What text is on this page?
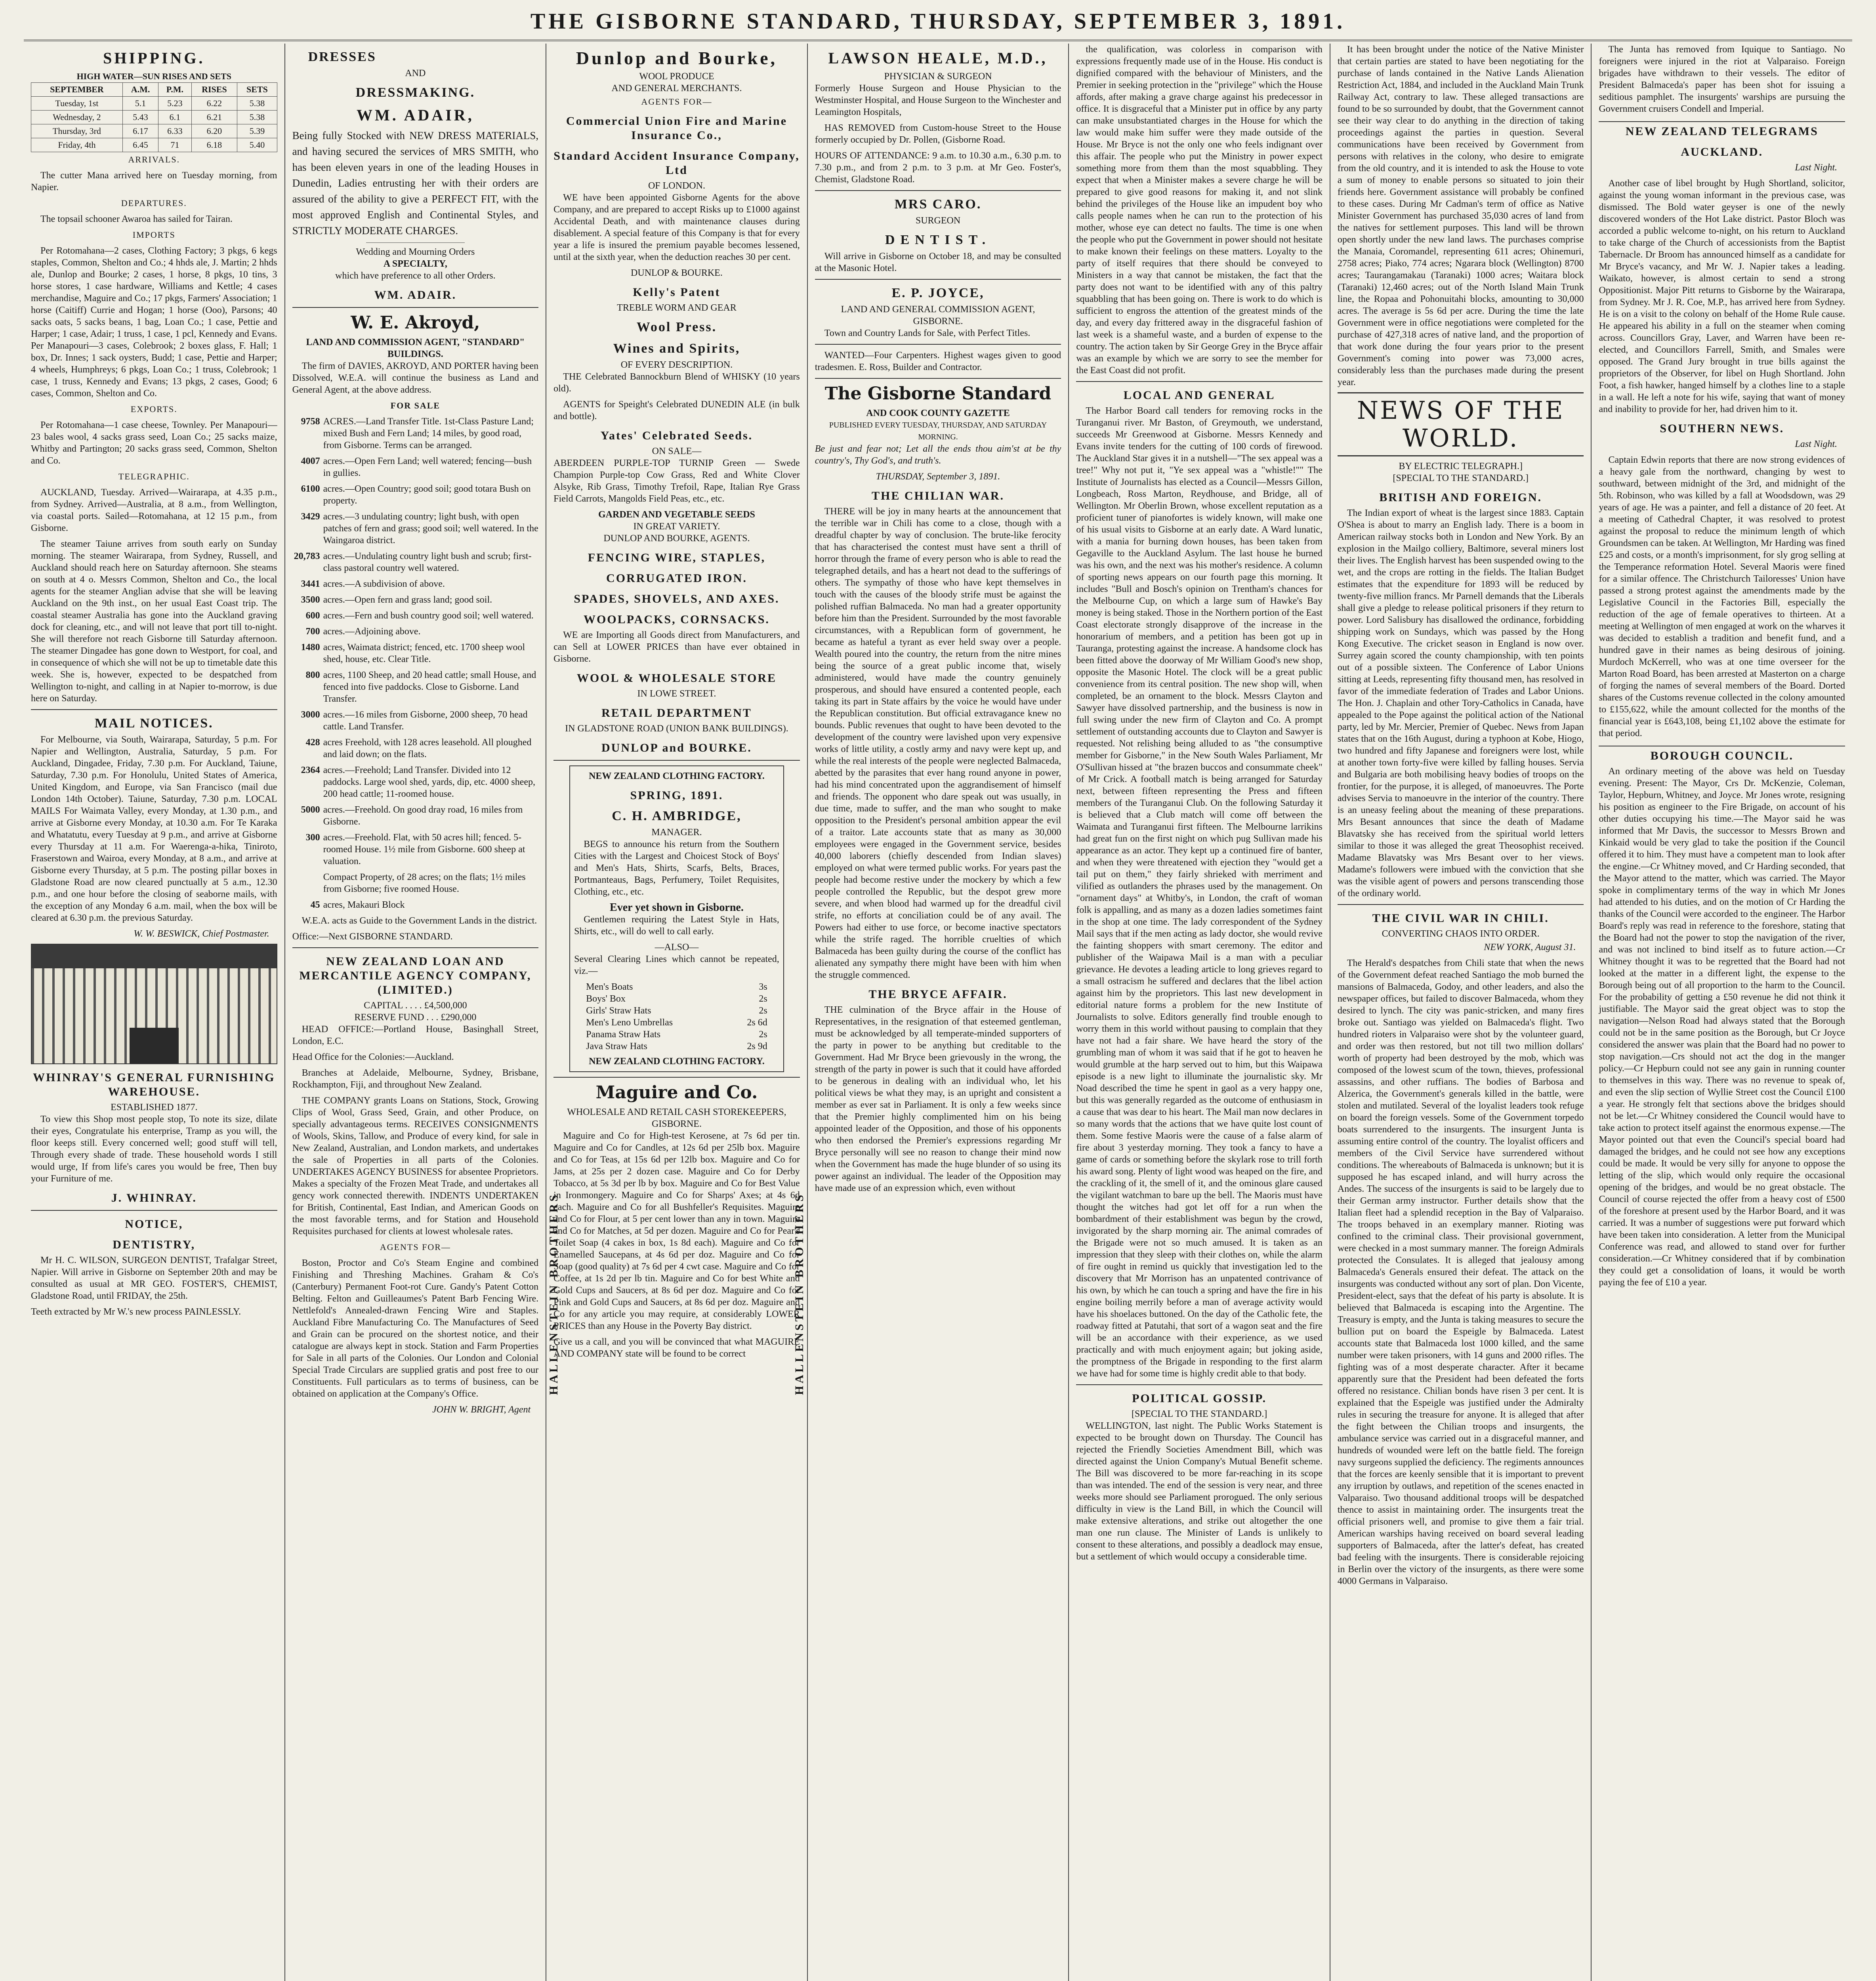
THE GISBORNE STANDARD, THURSDAY, SEPTEMBER 3, 1891.
SHIPPING.
HIGH WATER—SUN RISES AND SETS
SEPTEMBER	A.M.	P.M.	RISES	SETS
Tuesday, 1st	5.1	5.23	6.22	5.38
Wednesday, 2	5.43	6.1	6.21	5.38
Thursday, 3rd	6.17	6.33	6.20	5.39
Friday, 4th	6.45	71	6.18	5.40
ARRIVALS.

The cutter Mana arrived here on Tuesday morning, from Napier.

DEPARTURES.

The topsail schooner Awaroa has sailed for Tairan.

IMPORTS

Per Rotomahana—2 cases, Clothing Factory; 3 pkgs, 6 kegs staples, Common, Shelton and Co.; 4 hhds ale, J. Martin; 2 hhds ale, Dunlop and Bourke; 2 cases, 1 horse, 8 pkgs, 10 tins, 3 horse stores, 1 case hardware, Williams and Kettle; 4 cases merchandise, Maguire and Co.; 17 pkgs, Farmers' Association; 1 horse (Caitiff) Currie and Hogan; 1 horse (Ooo), Parsons; 40 sacks oats, 5 sacks beans, 1 bag, Loan Co.; 1 case, Pettie and Harper; 1 case, Adair; 1 truss, 1 case, 1 pcl, Kennedy and Evans. Per Manapouri—3 cases, Colebrook; 2 boxes glass, F. Hall; 1 box, Dr. Innes; 1 sack oysters, Budd; 1 case, Pettie and Harper; 4 wheels, Humphreys; 6 pkgs, Loan Co.; 1 truss, Colebrook; 1 case, 1 truss, Kennedy and Evans; 13 pkgs, 2 cases, Good; 6 cases, Common, Shelton and Co.

EXPORTS.

Per Rotomahana—1 case cheese, Townley. Per Manapouri—23 bales wool, 4 sacks grass seed, Loan Co.; 25 sacks maize, Whitby and Partington; 20 sacks grass seed, Common, Shelton and Co.

TELEGRAPHIC.

AUCKLAND, Tuesday. Arrived—Wairarapa, at 4.35 p.m., from Sydney. Arrived—Australia, at 8 a.m., from Wellington, via coastal ports. Sailed—Rotomahana, at 12 15 p.m., from Gisborne.

The steamer Taiune arrives from south early on Sunday morning. The steamer Wairarapa, from Sydney, Russell, and Auckland should reach here on Saturday afternoon. She steams on south at 4 o. Messrs Common, Shelton and Co., the local agents for the steamer Anglian advise that she will be leaving Auckland on the 9th inst., on her usual East Coast trip. The coastal steamer Australia has gone into the Auckland graving dock for cleaning, etc., and will not leave that port till to-night. She will therefore not reach Gisborne till Saturday afternoon. The steamer Dingadee has gone down to Westport, for coal, and in consequence of which she will not be up to timetable date this week. She is, however, expected to be despatched from Wellington to-night, and calling in at Napier to-morrow, is due here on Saturday.

MAIL NOTICES.

For Melbourne, via South, Wairarapa, Saturday, 5 p.m. For Napier and Wellington, Australia, Saturday, 5 p.m. For Auckland, Dingadee, Friday, 7.30 p.m. For Auckland, Taiune, Saturday, 7.30 p.m. For Honolulu, United States of America, United Kingdom, and Europe, via San Francisco (mail due London 14th October). Taiune, Saturday, 7.30 p.m. LOCAL MAILS For Waimata Valley, every Monday, at 1.30 p.m., and arrive at Gisborne every Monday, at 10.30 a.m. For Te Karaka and Whatatutu, every Tuesday at 9 p.m., and arrive at Gisborne every Thursday at 11 a.m. For Waerenga-a-hika, Tiniroto, Fraserstown and Wairoa, every Monday, at 8 a.m., and arrive at Gisborne every Thursday, at 5 p.m. The posting pillar boxes in Gladstone Road are now cleared punctually at 5 a.m., 12.30 p.m., and one hour before the closing of seaborne mails, with the exception of any Monday 6 a.m. mail, when the box will be cleared at 6.30 p.m. the previous Saturday.

W. W. BESWICK, Chief Postmaster.
WHINRAY'S GENERAL FURNISHING WAREHOUSE.
ESTABLISHED 1877.

To view this Shop most people stop, To note its size, dilate their eyes, Congratulate his enterprise, Tramp as you will, the floor keeps still. Every concerned well; good stuff will tell, Through every shade of trade. These household words I still would urge, If from life's cares you would be free, Then buy your Furniture of me.

J. WHINRAY.
NOTICE,
DENTISTRY,

Mr H. C. WILSON, SURGEON DENTIST, Trafalgar Street, Napier. Will arrive in Gisborne on September 20th and may be consulted as usual at MR GEO. FOSTER'S, CHEMIST, Gladstone Road, until FRIDAY, the 25th.

Teeth extracted by Mr W.'s new process PAINLESSLY.

DRESSES
AND
DRESSMAKING.
WM. ADAIR,

Being fully Stocked with NEW DRESS MATERIALS, and having secured the services of MRS SMITH, who has been eleven years in one of the leading Houses in Dunedin, Ladies entrusting her with their orders are assured of the ability to give a PERFECT FIT, with the most approved English and Continental Styles, and STRICTLY MODERATE CHARGES.

Wedding and Mourning Orders
A SPECIALTY,
which have preference to all other Orders.
WM. ADAIR.
W. E. Akroyd,
LAND AND COMMISSION AGENT, "STANDARD" BUILDINGS.

The firm of DAVIES, AKROYD, AND PORTER having been Dissolved, W.E.A. will continue the business as Land and General Agent, at the above address.

FOR SALE
9758 ACRES.—Land Transfer Title. 1st-Class Pasture Land; mixed Bush and Fern Land; 14 miles, by good road, from Gisborne. Terms can be arranged.
4007 acres.—Open Fern Land; well watered; fencing—bush in gullies.
6100 acres.—Open Country; good soil; good totara Bush on property.
3429 acres.—3 undulating country; light bush, with open patches of fern and grass; good soil; well watered. In the Waingaroa district.
20,783 acres.—Undulating country light bush and scrub; first-class pastoral country well watered.
3441 acres.—A subdivision of above.
3500 acres.—Open fern and grass land; good soil.
600 acres.—Fern and bush country good soil; well watered.
700 acres.—Adjoining above.
1480 acres, Waimata district; fenced, etc. 1700 sheep wool shed, house, etc. Clear Title.
800 acres, 1100 Sheep, and 20 head cattle; small House, and fenced into five paddocks. Close to Gisborne. Land Transfer.
3000 acres.—16 miles from Gisborne, 2000 sheep, 70 head cattle. Land Transfer.
428 acres Freehold, with 128 acres leasehold. All ploughed and laid down; on the flats.
2364 acres.—Freehold; Land Transfer. Divided into 12 paddocks. Large wool shed, yards, dip, etc. 4000 sheep, 200 head cattle; 11-roomed house.
5000 acres.—Freehold. On good dray road, 16 miles from Gisborne.
300 acres.—Freehold. Flat, with 50 acres hill; fenced. 5-roomed House. 1½ mile from Gisborne. 600 sheep at valuation.
Compact Property, of 28 acres; on the flats; 1½ miles from Gisborne; five roomed House.
45 acres, Makauri Block

W.E.A. acts as Guide to the Government Lands in the district.

Office:—Next GISBORNE STANDARD.

NEW ZEALAND LOAN AND MERCANTILE AGENCY COMPANY, (LIMITED.)
CAPITAL . . . . £4,500,000
RESERVE FUND . . . £290,000

HEAD OFFICE:—Portland House, Basinghall Street, London, E.C.

Head Office for the Colonies:—Auckland.

Branches at Adelaide, Melbourne, Sydney, Brisbane, Rockhampton, Fiji, and throughout New Zealand.

THE COMPANY grants Loans on Stations, Stock, Growing Clips of Wool, Grass Seed, Grain, and other Produce, on specially advantageous terms. RECEIVES CONSIGNMENTS of Wools, Skins, Tallow, and Produce of every kind, for sale in New Zealand, Australian, and London markets, and undertakes the sale of Properties in all parts of the Colonies. UNDERTAKES AGENCY BUSINESS for absentee Proprietors. Makes a specialty of the Frozen Meat Trade, and undertakes all gency work connected therewith. INDENTS UNDERTAKEN for British, Continental, East Indian, and American Goods on the most favorable terms, and for Station and Household Requisites purchased for clients at lowest wholesale rates.

AGENTS FOR—

Boston, Proctor and Co's Steam Engine and combined Finishing and Threshing Machines. Graham & Co's (Canterbury) Permanent Foot-rot Cure. Gandy's Patent Cotton Belting. Felton and Guilleaumes's Patent Barb Fencing Wire. Nettlefold's Annealed-drawn Fencing Wire and Staples. Auckland Fibre Manufacturing Co. The Manufactures of Seed and Grain can be procured on the shortest notice, and their catalogue are always kept in stock. Station and Farm Properties for Sale in all parts of the Colonies. Our London and Colonial Special Trade Circulars are supplied gratis and post free to our Constituents. Full particulars as to terms of business, can be obtained on application at the Company's Office.

JOHN W. BRIGHT, Agent
Dunlop and Bourke,
WOOL PRODUCE
AND GENERAL MERCHANTS.
AGENTS FOR—
Commercial Union Fire and Marine Insurance Co.,
Standard Accident Insurance Company, Ltd
OF LONDON.

WE have been appointed Gisborne Agents for the above Company, and are prepared to accept Risks up to £1000 against Accidental Death, and with maintenance clauses during disablement. A special feature of this Company is that for every year a life is insured the premium payable becomes lessened, until at the sixth year, when the deduction reaches 30 per cent.

DUNLOP & BOURKE.
Kelly's Patent
TREBLE WORM AND GEAR
Wool Press.
Wines and Spirits,
OF EVERY DESCRIPTION.

THE Celebrated Bannockburn Blend of WHISKY (10 years old).

AGENTS for Speight's Celebrated DUNEDIN ALE (in bulk and bottle).

Yates' Celebrated Seeds.
ON SALE—

ABERDEEN PURPLE-TOP TURNIP Green — Swede Champion Purple-top Cow Grass, Red and White Clover Alsyke, Rib Grass, Timothy Trefoil, Rape, Italian Rye Grass Field Carrots, Mangolds Field Peas, etc., etc.

GARDEN AND VEGETABLE SEEDS
IN GREAT VARIETY.
DUNLOP AND BOURKE, AGENTS.
FENCING WIRE, STAPLES,
CORRUGATED IRON.
SPADES, SHOVELS, AND AXES.
WOOLPACKS, CORNSACKS.

WE are Importing all Goods direct from Manufacturers, and can Sell at LOWER PRICES than have ever obtained in Gisborne.

WOOL & WHOLESALE STORE
IN LOWE STREET.
RETAIL DEPARTMENT
IN GLADSTONE ROAD (UNION BANK BUILDINGS).
DUNLOP and BOURKE.
NEW ZEALAND CLOTHING FACTORY.
SPRING, 1891.
C. H. AMBRIDGE,
MANAGER.

BEGS to announce his return from the Southern Cities with the Largest and Choicest Stock of Boys' and Men's Hats, Shirts, Scarfs, Belts, Braces, Portmanteaus, Bags, Perfumery, Toilet Requisites, Clothing, etc., etc.

Ever yet shown in Gisborne.

Gentlemen requiring the Latest Style in Hats, Shirts, etc., will do well to call early.

—ALSO—

Several Clearing Lines which cannot be repeated, viz.—

Men's Boats	3s
Boys' Box	2s
Girls' Straw Hats	2s
Men's Leno Umbrellas	2s 6d
Panama Straw Hats	2s
Java Straw Hats	2s 9d
NEW ZEALAND CLOTHING FACTORY.
HALLENSTEIN BROTHERS	HALLENSTEIN BROTHERS
Maguire and Co.
WHOLESALE AND RETAIL CASH STOREKEEPERS,
GISBORNE.

Maguire and Co for High-test Kerosene, at 7s 6d per tin. Maguire and Co for Candles, at 12s 6d per 25lb box. Maguire and Co for Teas, at 15s 6d per 12lb box. Maguire and Co for Jams, at 25s per 2 dozen case. Maguire and Co for Derby Tobacco, at 5s 3d per lb by box. Maguire and Co for Best Value in Ironmongery. Maguire and Co for Sharps' Axes; at 4s 6d each. Maguire and Co for all Bushfeller's Requisites. Maguire and Co for Flour, at 5 per cent lower than any in town. Maguire and Co for Matches, at 5d per dozen. Maguire and Co for Pear's Toilet Soap (4 cakes in box, 1s 8d each). Maguire and Co for Enamelled Saucepans, at 4s 6d per doz. Maguire and Co for Soap (good quality) at 7s 6d per 4 cwt case. Maguire and Co for Coffee, at 1s 2d per lb tin. Maguire and Co for best White and Gold Cups and Saucers, at 8s 6d per doz. Maguire and Co for Pink and Gold Cups and Saucers, at 8s 6d per doz. Maguire and Co for any article you may require, at considerably LOWER PRICES than any House in the Poverty Bay district.

Give us a call, and you will be convinced that what MAGUIRE AND COMPANY state will be found to be correct

LAWSON HEALE, M.D.,
PHYSICIAN & SURGEON

Formerly House Surgeon and House Physician to the Westminster Hospital, and House Surgeon to the Winchester and Leamington Hospitals,

HAS REMOVED from Custom-house Street to the House formerly occupied by Dr. Pollen, (Gisborne Road.

HOURS OF ATTENDANCE: 9 a.m. to 10.30 a.m., 6.30 p.m. to 7.30 p.m., and from 2 p.m. to 3 p.m. at Mr Geo. Foster's, Chemist, Gladstone Road.

MRS CARO.
SURGEON
DENTIST.

Will arrive in Gisborne on October 18, and may be consulted at the Masonic Hotel.

E. P. JOYCE,
LAND AND GENERAL COMMISSION AGENT,
GISBORNE.

Town and Country Lands for Sale, with Perfect Titles.

WANTED—Four Carpenters. Highest wages given to good tradesmen. E. Ross, Builder and Contractor.

The Gisborne Standard
AND COOK COUNTY GAZETTE
PUBLISHED EVERY TUESDAY, THURSDAY, AND SATURDAY MORNING.

Be just and fear not; Let all the ends thou aim'st at be thy country's, Thy God's, and truth's.

THURSDAY, September 3, 1891.
THE CHILIAN WAR.

THERE will be joy in many hearts at the announcement that the terrible war in Chili has come to a close, though with a dreadful chapter by way of conclusion. The brute-like ferocity that has characterised the contest must have sent a thrill of horror through the frame of every person who is able to read the telegraphed details, and has a heart not dead to the sufferings of others. The sympathy of those who have kept themselves in touch with the causes of the bloody strife must be against the polished ruffian Balmaceda. No man had a greater opportunity before him than the President. Surrounded by the most favorable circumstances, with a Republican form of government, he became as hateful a tyrant as ever held sway over a people. Wealth poured into the country, the return from the nitre mines being the source of a great public income that, wisely administered, would have made the country genuinely prosperous, and should have ensured a contented people, each taking its part in State affairs by the voice he would have under the Republican constitution. But official extravagance knew no bounds. Public revenues that ought to have been devoted to the development of the country were lavished upon very expensive works of little utility, a costly army and navy were kept up, and while the real interests of the people were neglected Balmaceda, abetted by the parasites that ever hang round anyone in power, had his mind concentrated upon the aggrandisement of himself and friends. The opponent who dare speak out was usually, in due time, made to suffer, and the man who sought to make opposition to the President's personal ambition appear the evil of a traitor. Late accounts state that as many as 30,000 employees were engaged in the Government service, besides 40,000 laborers (chiefly descended from Indian slaves) employed on what were termed public works. For years past the people had become restive under the mockery by which a few people controlled the Republic, but the despot grew more severe, and when blood had warmed up for the dreadful civil strife, no efforts at conciliation could be of any avail. The Powers had either to use force, or become inactive spectators while the strife raged. The horrible cruelties of which Balmaceda has been guilty during the course of the conflict has alienated any sympathy there might have been with him when the struggle commenced.

THE BRYCE AFFAIR.

THE culmination of the Bryce affair in the House of Representatives, in the resignation of that esteemed gentleman, must be acknowledged by all temperate-minded supporters of the party in power to be anything but creditable to the Government. Had Mr Bryce been grievously in the wrong, the strength of the party in power is such that it could have afforded to be generous in dealing with an individual who, let his political views be what they may, is an upright and consistent a member as ever sat in Parliament. It is only a few weeks since that the Premier highly complimented him on his being appointed leader of the Opposition, and those of his opponents who then endorsed the Premier's expressions regarding Mr Bryce personally will see no reason to change their mind now when the Government has made the huge blunder of so using its power against an individual. The leader of the Opposition may have made use of an expression which, even without

the qualification, was colorless in comparison with expressions frequently made use of in the House. His conduct is dignified compared with the behaviour of Ministers, and the Premier in seeking protection in the "privilege" which the House affords, after making a grave charge against his predecessor in office. It is disgraceful that a Minister put in office by any party can make unsubstantiated charges in the House for which the law would make him suffer were they made outside of the House. Mr Bryce is not the only one who feels indignant over this affair. The people who put the Ministry in power expect something more from them than the most squabbling. They expect that when a Minister makes a severe charge he will be prepared to give good reasons for making it, and not slink behind the privileges of the House like an impudent boy who calls people names when he can run to the protection of his mother, whose eye can detect no faults. The time is one when the people who put the Government in power should not hesitate to make known their feelings on these matters. Loyalty to the party of itself requires that there should be conveyed to Ministers in a way that cannot be mistaken, the fact that the party does not want to be identified with any of this paltry squabbling that has been going on. There is work to do which is sufficient to engross the attention of the greatest minds of the day, and every day frittered away in the disgraceful fashion of last week is a shameful waste, and a burden of expense to the country. The action taken by Sir George Grey in the Bryce affair was an example by which we are sorry to see the member for the East Coast did not profit.

LOCAL AND GENERAL

The Harbor Board call tenders for removing rocks in the Turanganui river. Mr Baston, of Greymouth, we understand, succeeds Mr Greenwood at Gisborne. Messrs Kennedy and Evans invite tenders for the cutting of 100 cords of firewood. The Auckland Star gives it in a nutshell—"The sex appeal was a tree!" Why not put it, "Ye sex appeal was a "whistle!"" The Institute of Journalists has elected as a Council—Messrs Gillon, Longbeach, Ross Marton, Reydhouse, and Bridge, all of Wellington. Mr Oberlin Brown, whose excellent reputation as a proficient tuner of pianofortes is widely known, will make one of his usual visits to Gisborne at an early date. A Ward lunatic, with a mania for burning down houses, has been taken from Gegaville to the Auckland Asylum. The last house he burned was his own, and the next was his mother's residence. A column of sporting news appears on our fourth page this morning. It includes "Bull and Bosch's opinion on Trentham's chances for the Melbourne Cup, on which a large sum of Hawke's Bay money is being staked. Those in the Northern portion of the East Coast electorate strongly disapprove of the increase in the honorarium of members, and a petition has been got up in Tauranga, protesting against the increase. A handsome clock has been fitted above the doorway of Mr William Good's new shop, opposite the Masonic Hotel. The clock will be a great public convenience from its central position. The new shop will, when completed, be an ornament to the block. Messrs Clayton and Sawyer have dissolved partnership, and the business is now in full swing under the new firm of Clayton and Co. A prompt settlement of outstanding accounts due to Clayton and Sawyer is requested. Not relishing being alluded to as "the consumptive member for Gisborne," in the New South Wales Parliament, Mr O'Sullivan hissed at "the brazen buccos and consummate cheek" of Mr Crick. A football match is being arranged for Saturday next, between fifteen representing the Press and fifteen members of the Turanganui Club. On the following Saturday it is believed that a Club match will come off between the Waimata and Turanganui first fifteen. The Melbourne larrikins had great fun on the first night on which pug Sullivan made his appearance as an actor. They kept up a continued fire of banter, and when they were threatened with ejection they "would get a tail put on them," they fairly shrieked with merriment and vilified as outlanders the phrases used by the management. On "ornament days" at Whitby's, in London, the craft of woman folk is appalling, and as many as a dozen ladies sometimes faint in the shop at one time. The lady correspondent of the Sydney Mail says that if the men acting as lady doctor, she would revive the fainting shoppers with smart ceremony. The editor and publisher of the Waipawa Mail is a man with a peculiar grievance. He devotes a leading article to long grieves regard to a small ostracism he suffered and declares that the libel action against him by the proprietors. This last new development in editorial nature forms a problem for the new Institute of Journalists to solve. Editors generally find trouble enough to worry them in this world without pausing to complain that they have not had a fair share. We have heard the story of the grumbling man of whom it was said that if he got to heaven he would grumble at the harp served out to him, but this Waipawa episode is a new light to illuminate the journalistic sky. Mr Noad described the time he spent in gaol as a very happy one, but this was generally regarded as the outcome of enthusiasm in a cause that was dear to his heart. The Mail man now declares in so many words that the actions that we have quite lost count of them. Some festive Maoris were the cause of a false alarm of fire about 3 yesterday morning. They took a fancy to have a game of cards or something before the skylark rose to trill forth his award song. Plenty of light wood was heaped on the fire, and the crackling of it, the smell of it, and the ominous glare caused the vigilant watchman to bare up the bell. The Maoris must have thought the witches had got let off for a run when the bombardment of their establishment was begun by the crowd, invigorated by the sharp morning air. The animal comrades of the Brigade were not so much amused. It is taken as an impression that they sleep with their clothes on, while the alarm of fire ought in remind us quickly that investigation led to the discovery that Mr Morrison has an unpatented contrivance of his own, by which he can touch a spring and have the fire in his engine boiling merrily before a man of average activity would have his shoelaces buttoned. On the day of the Catholic fete, the roadway fitted at Patutahi, that sort of a wagon seat and the fire will be an accordance with their experience, as we used practically and with much enjoyment again; but joking aside, the promptness of the Brigade in responding to the first alarm we have had for some time is highly credit able to that body.

POLITICAL GOSSIP.
[SPECIAL TO THE STANDARD.]

WELLINGTON, last night. The Public Works Statement is expected to be brought down on Thursday. The Council has rejected the Friendly Societies Amendment Bill, which was directed against the Union Company's Mutual Benefit scheme. The Bill was discovered to be more far-reaching in its scope than was intended. The end of the session is very near, and three weeks more should see Parliament prorogued. The only serious difficulty in view is the Land Bill, in which the Council will make extensive alterations, and strike out altogether the one man one run clause. The Minister of Lands is unlikely to consent to these alterations, and possibly a deadlock may ensue, but a settlement of which would occupy a considerable time.

It has been brought under the notice of the Native Minister that certain parties are stated to have been negotiating for the purchase of lands contained in the Native Lands Alienation Restriction Act, 1884, and included in the Auckland Main Trunk Railway Act, contrary to law. These alleged transactions are found to be so surrounded by doubt, that the Government cannot see their way clear to do anything in the direction of taking proceedings against the parties in question. Several communications have been received by Government from persons with relatives in the colony, who desire to emigrate from the old country, and it is intended to ask the House to vote a sum of money to enable persons so situated to join their friends here. Government assistance will probably be confined to these cases. During Mr Cadman's term of office as Native Minister Government has purchased 35,030 acres of land from the natives for settlement purposes. This land will be thrown open shortly under the new land laws. The purchases comprise the Manaia, Coromandel, representing 611 acres; Ohinemuri, 2758 acres; Piako, 774 acres; Ngarara block (Wellington) 8700 acres; Taurangamakau (Taranaki) 1000 acres; Waitara block (Taranaki) 12,460 acres; out of the North Island Main Trunk line, the Ropaa and Pohonuitahi blocks, amounting to 30,000 acres. The average is 5s 6d per acre. During the time the late Government were in office negotiations were completed for the purchase of 427,318 acres of native land, and the proportion of that work done during the four years prior to the present Government's coming into power was 73,000 acres, considerably less than the purchases made during the present year.

NEWS OF THE WORLD.
BY ELECTRIC TELEGRAPH.]
[SPECIAL TO THE STANDARD.]
BRITISH AND FOREIGN.

The Indian export of wheat is the largest since 1883. Captain O'Shea is about to marry an English lady. There is a boom in American railway stocks both in London and New York. By an explosion in the Mailgo colliery, Baltimore, several miners lost their lives. The English harvest has been suspended owing to the wet, and the crops are rotting in the fields. The Italian Budget estimates that the expenditure for 1893 will be reduced by twenty-five million francs. Mr Parnell demands that the Liberals shall give a pledge to release political prisoners if they return to power. Lord Salisbury has disallowed the ordinance, forbidding shipping work on Sundays, which was passed by the Hong Kong Executive. The cricket season in England is now over. Surrey again scored the county championship, with ten points out of a possible sixteen. The Conference of Labor Unions sitting at Leeds, representing fifty thousand men, has resolved in favor of the immediate federation of Trades and Labor Unions. The Hon. J. Chaplain and other Tory-Catholics in Canada, have appealed to the Pope against the political action of the National party, led by Mr. Mercier, Premier of Quebec. News from Japan states that on the 16th August, during a typhoon at Kobe, Hiogo, two hundred and fifty Japanese and foreigners were lost, while at another town forty-five were killed by falling houses. Servia and Bulgaria are both mobilising heavy bodies of troops on the frontier, for the purpose, it is alleged, of manoeuvres. The Porte advises Servia to manoeuvre in the interior of the country. There is an uneasy feeling about the meaning of these preparations. Mrs Besant announces that since the death of Madame Blavatsky she has received from the spiritual world letters similar to those it was alleged the great Theosophist received. Madame Blavatsky was Mrs Besant over to her views. Madame's followers were imbued with the conviction that she was the visible agent of powers and persons transcending those of the ordinary world.

THE CIVIL WAR IN CHILI.
CONVERTING CHAOS INTO ORDER.
NEW YORK, August 31.

The Herald's despatches from Chili state that when the news of the Government defeat reached Santiago the mob burned the mansions of Balmaceda, Godoy, and other leaders, and also the newspaper offices, but failed to discover Balmaceda, whom they desired to lynch. The city was panic-stricken, and many fires broke out. Santiago was yielded on Balmaceda's flight. Two hundred rioters in Valparaiso were shot by the volunteer guard, and order was then restored, but not till two million dollars' worth of property had been destroyed by the mob, which was composed of the lowest scum of the town, thieves, professional assassins, and other ruffians. The bodies of Barbosa and Alzerica, the Government's generals killed in the battle, were stolen and mutilated. Several of the loyalist leaders took refuge on board the foreign vessels. Some of the Government torpedo boats surrendered to the insurgents. The insurgent Junta is assuming entire control of the country. The loyalist officers and members of the Civil Service have surrendered without conditions. The whereabouts of Balmaceda is unknown; but it is supposed he has escaped inland, and will hurry across the Andes. The success of the insurgents is said to be largely due to their German army instructor. Further details show that the Italian fleet had a splendid reception in the Bay of Valparaiso. The troops behaved in an exemplary manner. Rioting was confined to the criminal class. Their provisional government, were checked in a most summary manner. The foreign Admirals protected the Consulates. It is alleged that jealousy among Balmaceda's Generals ensured their defeat. The attack on the insurgents was conducted without any sort of plan. Don Vicente, President-elect, says that the defeat of his party is absolute. It is believed that Balmaceda is escaping into the Argentine. The Treasury is empty, and the Junta is taking measures to secure the bullion put on board the Espeigle by Balmaceda. Latest accounts state that Balmaceda lost 1000 killed, and the same number were taken prisoners, with 14 guns and 2000 rifles. The fighting was of a most desperate character. After it became apparently sure that the President had been defeated the forts offered no resistance. Chilian bonds have risen 3 per cent. It is explained that the Espeigle was justified under the Admiralty rules in securing the treasure for anyone. It is alleged that after the fight between the Chilian troops and insurgents, the ambulance service was carried out in a disgraceful manner, and hundreds of wounded were left on the battle field. The foreign navy surgeons supplied the deficiency. The regiments announces that the forces are keenly sensible that it is important to prevent any irruption by outlaws, and repetition of the scenes enacted in Valparaiso. Two thousand additional troops will be despatched thence to assist in maintaining order. The insurgents treat the official prisoners well, and promise to give them a fair trial. American warships having received on board several leading supporters of Balmaceda, after the latter's defeat, has created bad feeling with the insurgents. There is considerable rejoicing in Berlin over the victory of the insurgents, as there were some 4000 Germans in Valparaiso.

The Junta has removed from Iquique to Santiago. No foreigners were injured in the riot at Valparaiso. Foreign brigades have withdrawn to their vessels. The editor of President Balmaceda's paper has been shot for issuing a seditious pamphlet. The insurgents' warships are pursuing the Government cruisers Condell and Imperial.

NEW ZEALAND TELEGRAMS
AUCKLAND.
Last Night.

Another case of libel brought by Hugh Shortland, solicitor, against the young woman informant in the previous case, was dismissed. The Bold water geyser is one of the newly discovered wonders of the Hot Lake district. Pastor Bloch was accorded a public welcome to-night, on his return to Auckland to take charge of the Church of accessionists from the Baptist Tabernacle. Dr Broom has announced himself as a candidate for Mr Bryce's vacancy, and Mr W. J. Napier takes a leading. Waikato, however, is almost certain to send a strong Oppositionist. Major Pitt returns to Gisborne by the Wairarapa, from Sydney. Mr J. R. Coe, M.P., has arrived here from Sydney. He is on a visit to the colony on behalf of the Home Rule cause. He appeared his ability in a full on the steamer when coming across. Councillors Gray, Laver, and Warren have been re-elected, and Councillors Farrell, Smith, and Smales were opposed. The Grand Jury brought in true bills against the proprietors of the Observer, for libel on Hugh Shortland. John Foot, a fish hawker, hanged himself by a clothes line to a staple in a wall. He left a note for his wife, saying that want of money and inability to provide for her, had driven him to it.

SOUTHERN NEWS.
Last Night.

Captain Edwin reports that there are now strong evidences of a heavy gale from the northward, changing by west to southward, between midnight of the 3rd, and midnight of the 5th. Robinson, who was killed by a fall at Woodsdown, was 29 years of age. He was a painter, and fell a distance of 20 feet. At a meeting of Cathedral Chapter, it was resolved to protest against the proposal to reduce the minimum length of which Groundsmen can be taken. At Wellington, Mr Harding was fined £25 and costs, or a month's imprisonment, for sly grog selling at the Temperance reformation Hotel. Several Maoris were fined for a similar offence. The Christchurch Tailoresses' Union have passed a strong protest against the amendments made by the Legislative Council in the Factories Bill, especially the reduction of the age of female operatives to thirteen. At a meeting at Wellington of men engaged at work on the wharves it was decided to establish a tradition and benefit fund, and a hundred gave in their names as being desirous of joining. Murdoch McKerrell, who was at one time overseer for the Marton Road Board, has been arrested at Masterton on a charge of forging the names of several members of the Board. Dorted shares of the Customs revenue collected in the colony amounted to £155,622, while the amount collected for the months of the financial year is £643,108, being £1,102 above the estimate for that period.

BOROUGH COUNCIL.

An ordinary meeting of the above was held on Tuesday evening. Present: The Mayor, Crs Dr. McKenzie, Coleman, Taylor, Hepburn, Whitney, and Joyce. Mr Jones wrote, resigning his position as engineer to the Fire Brigade, on account of his other duties occupying his time.—The Mayor said he was informed that Mr Davis, the successor to Messrs Brown and Kinkaid would be very glad to take the position if the Council offered it to him. They must have a competent man to look after the engine.—Cr Whitney moved, and Cr Harding seconded, that the Mayor attend to the matter, which was carried. The Mayor spoke in complimentary terms of the way in which Mr Jones had attended to his duties, and on the motion of Cr Harding the thanks of the Council were accorded to the engineer. The Harbor Board's reply was read in reference to the foreshore, stating that the Board had not the power to stop the navigation of the river, and was not inclined to bind itself as to future action.—Cr Whitney thought it was to be regretted that the Board had not looked at the matter in a different light, the expense to the Borough being out of all proportion to the harm to the Council. For the probability of getting a £50 revenue he did not think it justifiable. The Mayor said the great object was to stop the navigation—Nelson Road had always stated that the Borough could not be in the same position as the Borough, but Cr Joyce considered the answer was plain that the Board had no power to stop navigation.—Crs should not act the dog in the manger policy.—Cr Hepburn could not see any gain in running counter to themselves in this way. There was no revenue to speak of, and even the slip section of Wyllie Street cost the Council £100 a year. He strongly felt that sections above the bridges should not be let.—Cr Whitney considered the Council would have to take action to protect itself against the enormous expense.—The Mayor pointed out that even the Council's special board had damaged the bridges, and he could not see how any exceptions could be made. It would be very silly for anyone to oppose the letting of the slip, which would only require the occasional opening of the bridges, and would be no great obstacle. The Council of course rejected the offer from a heavy cost of £500 of the foreshore at present used by the Harbor Board, and it was carried. It was a number of suggestions were put forward which have been taken into consideration. A letter from the Municipal Conference was read, and allowed to stand over for further consideration.—Cr Whitney considered that if by combination they could get a consolidation of loans, it would be worth paying the fee of £10 a year.
